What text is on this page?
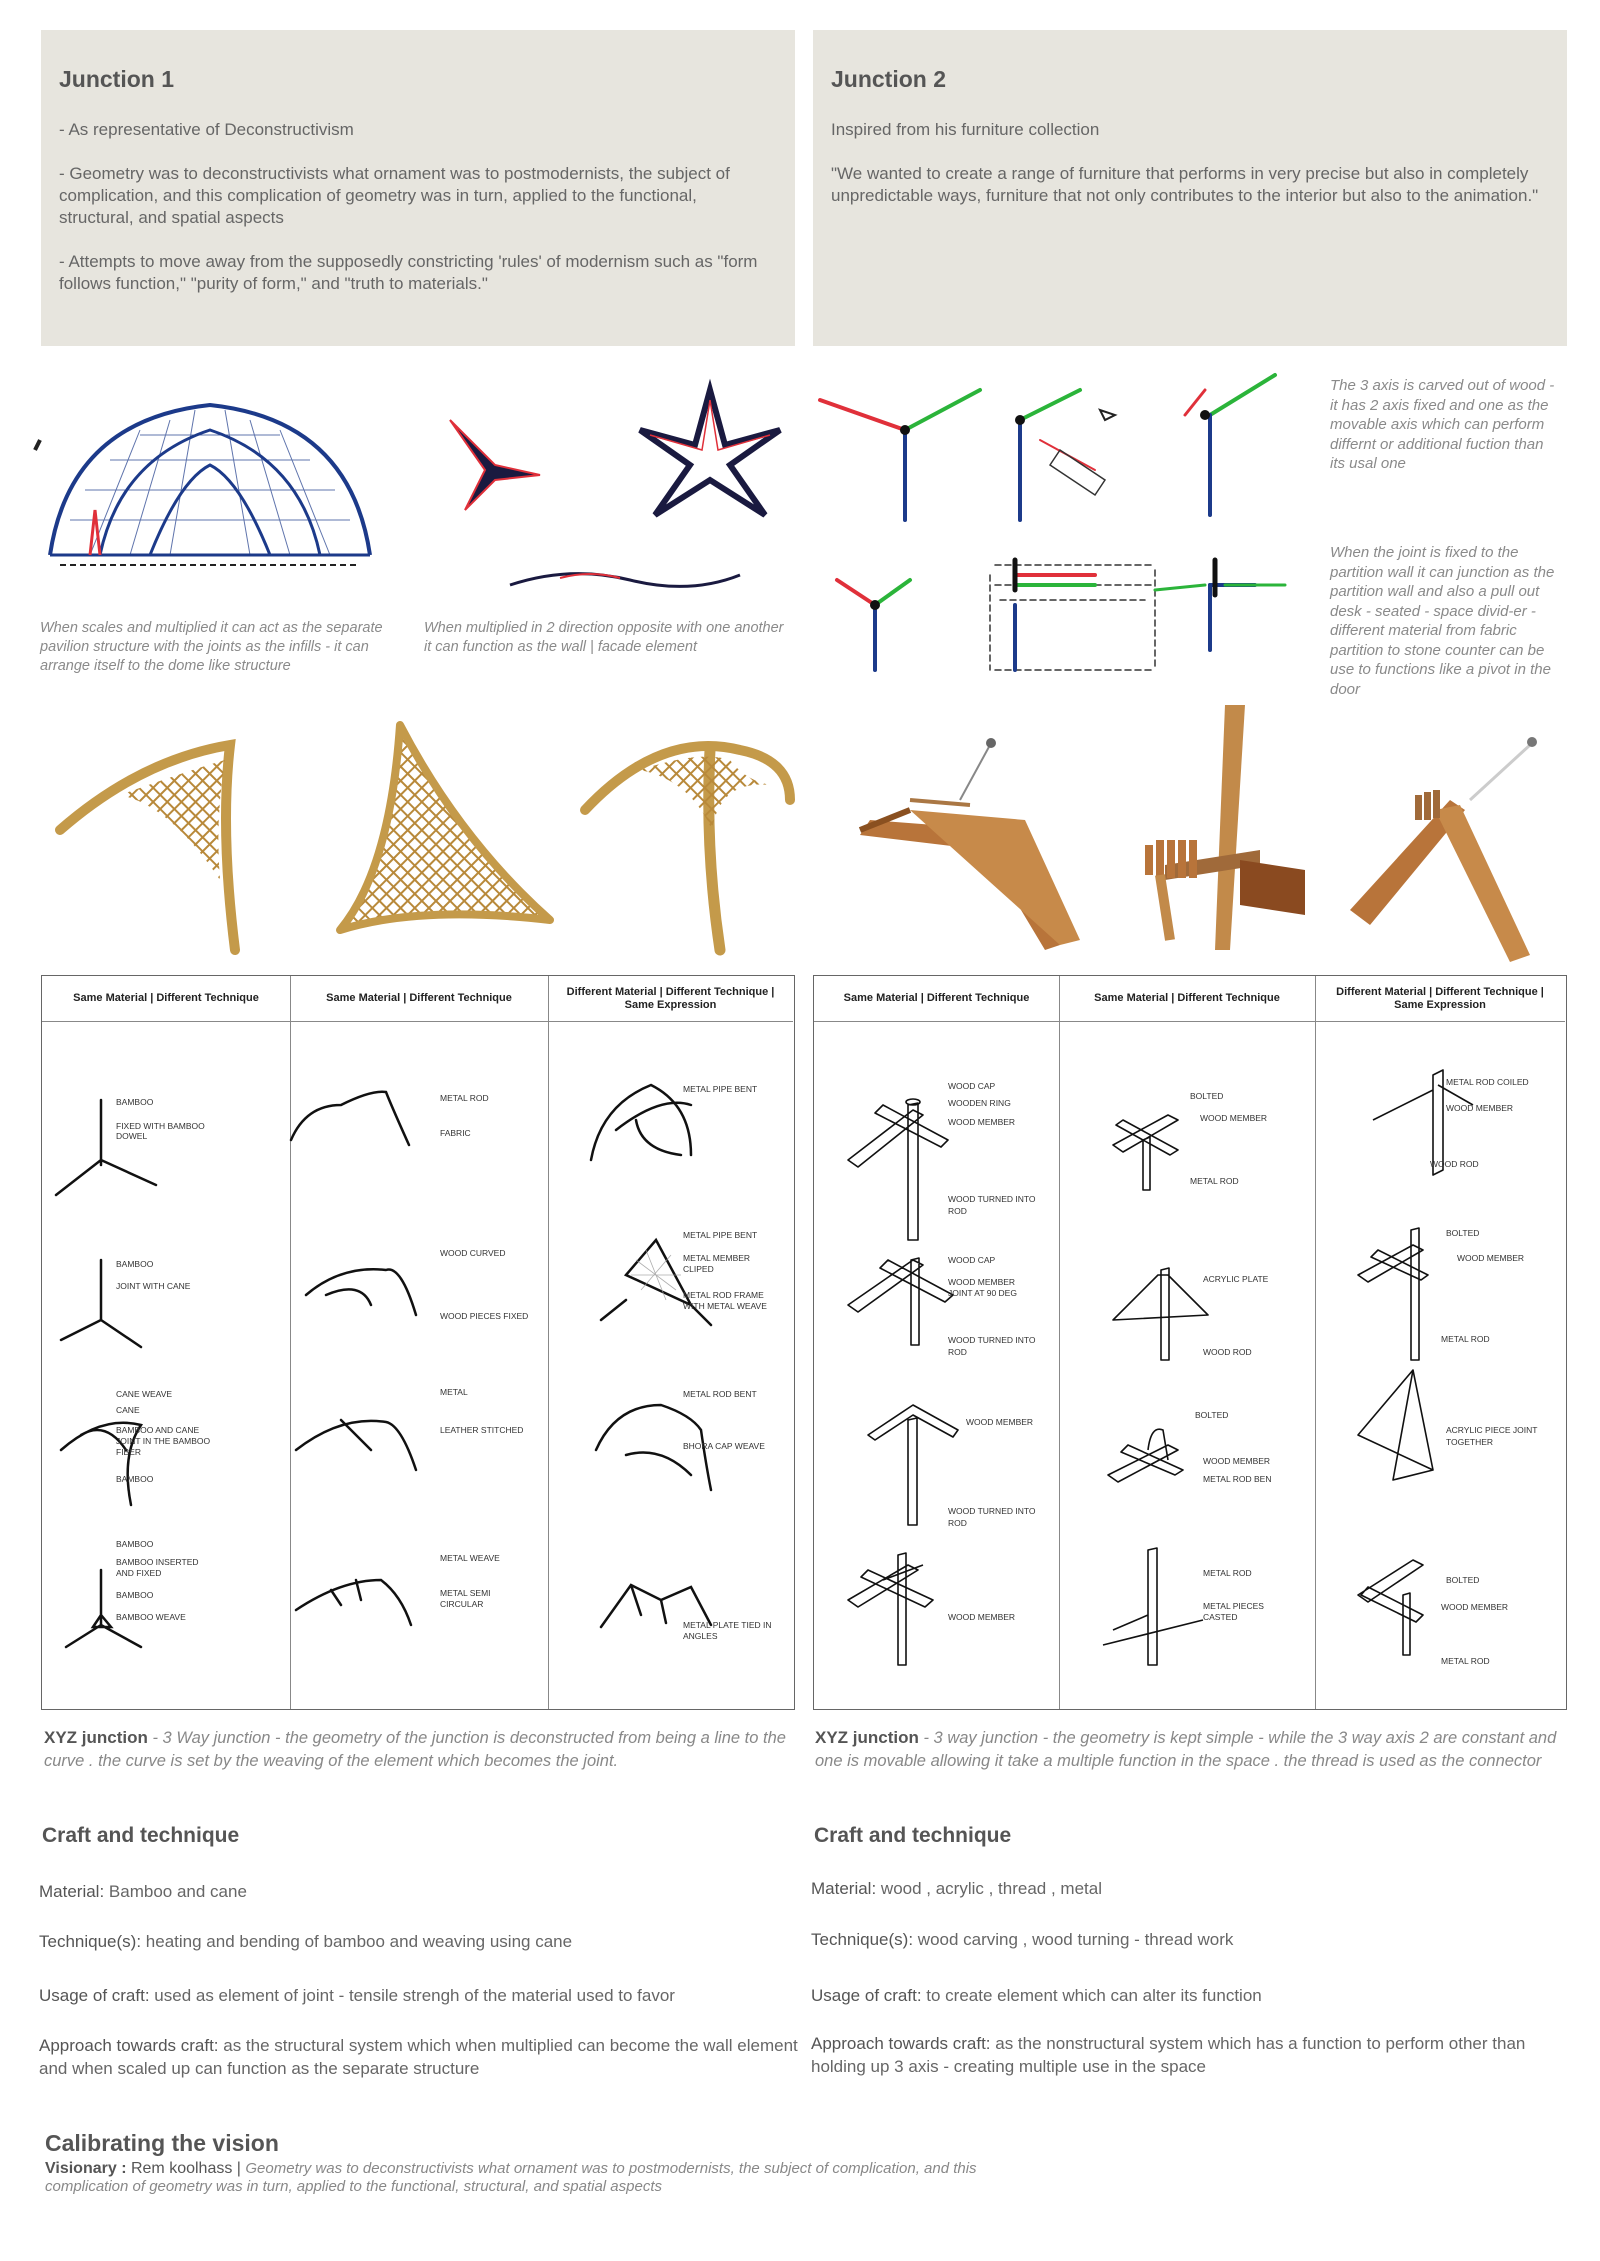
Junction 1

- As representative of Deconstructivism

- Geometry was to deconstructivists what ornament was to postmodernists, the subject of complication, and this complication of geometry was in turn, applied to the functional, structural, and spatial aspects

- Attempts to move away from the supposedly constricting 'rules' of modernism such as "form follows function," "purity of form," and "truth to materials."

Junction 2

Inspired from his furniture collection

"We wanted to create a range of furniture that performs in very precise but also in completely unpredictable ways, furniture that not only contributes to the interior but also to the animation."

When scales and multiplied it can act as the separate pavilion structure with the joints as the infills - it can arrange itself to the dome like structure
When multiplied in 2 direction opposite with one another it can function as the wall | facade element
The 3 axis is carved out of wood - it has 2 axis fixed and one as the movable axis which can perform differnt or additional fuction than its usal one
When the joint is fixed to the partition wall it can junction as the partition wall and also a pull out desk - seated - space divid-er - different material from fabric partition to stone counter can be use to functions like a pivot in the door
Same Material | Different Technique	Same Material | Different Technique
Different Material | Different Technique | Same Expression
BAMBOO
FIXED WITH BAMBOO
DOWEL
BAMBOO
JOINT WITH CANE
CANE WEAVE
CANE
BAMBOO AND CANE
JOINT IN THE BAMBOO
FIBER
BAMBOO
BAMBOO
BAMBOO INSERTED
AND FIXED
BAMBOO
BAMBOO WEAVE
METAL ROD
FABRIC
WOOD CURVED
WOOD PIECES FIXED
METAL
LEATHER STITCHED
METAL WEAVE
METAL SEMI
CIRCULAR
METAL PIPE BENT
METAL PIPE BENT
METAL MEMBER
CLIPED
METAL ROD FRAME
WITH METAL WEAVE
METAL ROD BENT
BHORA CAP WEAVE
METAL PLATE TIED IN
ANGLES
Same Material | Different Technique	Same Material | Different Technique
Different Material | Different Technique | Same Expression
WOOD CAP
WOODEN RING
WOOD MEMBER
WOOD TURNED INTO
ROD
WOOD CAP
WOOD MEMBER
JOINT AT 90 DEG
WOOD TURNED INTO
ROD
WOOD MEMBER
WOOD TURNED INTO
ROD
WOOD MEMBER
BOLTED
WOOD MEMBER
METAL ROD
ACRYLIC PLATE
WOOD ROD
BOLTED
WOOD MEMBER
METAL ROD BEN
METAL ROD
METAL PIECES
CASTED
METAL ROD COILED
WOOD MEMBER
WOOD ROD
BOLTED
WOOD MEMBER
METAL ROD
ACRYLIC PIECE JOINT
TOGETHER
BOLTED
WOOD MEMBER
METAL ROD
XYZ junction - 3 Way junction - the geometry of the junction is deconstructed from being a line to the curve . the curve is set by the weaving of the element which becomes the joint.
XYZ junction - 3 way junction - the geometry is kept simple - while the 3 way axis 2 are constant and one is movable allowing it take a multiple function in the space . the thread is used as the connector
Craft and technique
Material: Bamboo and cane
Technique(s): heating and bending of bamboo and weaving using cane
Usage of craft: used as element of joint - tensile strengh of the material used to favor
Approach towards craft: as the structural system which when multiplied can become the wall element and when scaled up can function as the separate structure
Craft and technique
Material: wood , acrylic , thread , metal
Technique(s): wood carving , wood turning - thread work
Usage of craft: to create element which can alter its function
Approach towards craft: as the nonstructural system which has a function to perform other than holding up 3 axis - creating multiple use in the space
Calibrating the vision
Visionary : Rem koolhass | Geometry was to deconstructivists what ornament was to postmodernists, the subject of complication, and this complication of geometry was in turn, applied to the functional, structural, and spatial aspects
